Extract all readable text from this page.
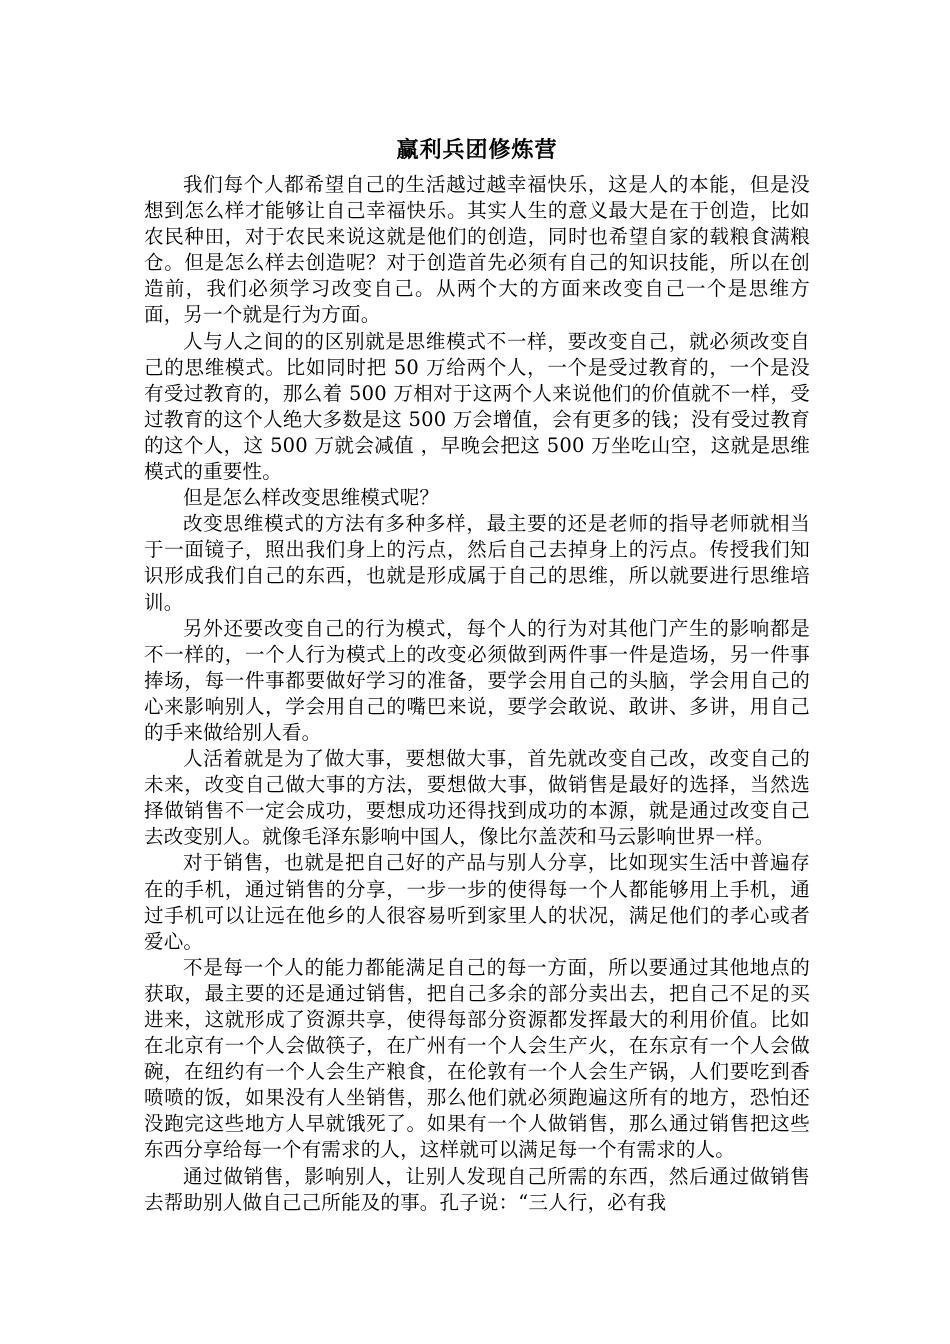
赢利兵团修炼营

我们每个人都希望自己的生活越过越幸福快乐，这是人的本能，但是没想到怎么样才能够让自己幸福快乐。其实人生的意义最大是在于创造，比如农民种田，对于农民来说这就是他们的创造，同时也希望自家的载粮食满粮仓。但是怎么样去创造呢？对于创造首先必须有自己的知识技能，所以在创造前，我们必须学习改变自己。从两个大的方面来改变自己一个是思维方面，另一个就是行为方面。

人与人之间的的区别就是思维模式不一样，要改变自己，就必须改变自己的思维模式。比如同时把 50 万给两个人，一个是受过教育的，一个是没有受过教育的，那么着 500 万相对于这两个人来说他们的价值就不一样，受过教育的这个人绝大多数是这 500 万会增值，会有更多的钱；没有受过教育的这个人，这 500 万就会减值 ，早晚会把这 500 万坐吃山空，这就是思维模式的重要性。

但是怎么样改变思维模式呢？

改变思维模式的方法有多种多样，最主要的还是老师的指导老师就相当于一面镜子，照出我们身上的污点，然后自己去掉身上的污点。传授我们知识形成我们自己的东西，也就是形成属于自己的思维，所以就要进行思维培训。

另外还要改变自己的行为模式，每个人的行为对其他门产生的影响都是不一样的，一个人行为模式上的改变必须做到两件事一件是造场，另一件事捧场，每一件事都要做好学习的准备，要学会用自己的头脑，学会用自己的心来影响别人，学会用自己的嘴巴来说，要学会敢说、敢讲、多讲，用自己的手来做给别人看。

人活着就是为了做大事，要想做大事，首先就改变自己改，改变自己的未来，改变自己做大事的方法，要想做大事，做销售是最好的选择，当然选择做销售不一定会成功，要想成功还得找到成功的本源，就是通过改变自己去改变别人。就像毛泽东影响中国人，像比尔盖茨和马云影响世界一样。

对于销售，也就是把自己好的产品与别人分享，比如现实生活中普遍存在的手机，通过销售的分享，一步一步的使得每一个人都能够用上手机，通过手机可以让远在他乡的人很容易听到家里人的状况，满足他们的孝心或者爱心。

不是每一个人的能力都能满足自己的每一方面，所以要通过其他地点的获取，最主要的还是通过销售，把自己多余的部分卖出去，把自己不足的买进来，这就形成了资源共享，使得每部分资源都发挥最大的利用价值。比如在北京有一个人会做筷子，在广州有一个人会生产火，在东京有一个人会做碗，在纽约有一个人会生产粮食，在伦敦有一个人会生产锅，人们要吃到香喷喷的饭，如果没有人坐销售，那么他们就必须跑遍这所有的地方，恐怕还没跑完这些地方人早就饿死了。如果有一个人做销售，那么通过销售把这些东西分享给每一个有需求的人，这样就可以满足每一个有需求的人。

通过做销售，影响别人，让别人发现自己所需的东西，然后通过做销售去帮助别人做自己己所能及的事。孔子说：“三人行，必有我
